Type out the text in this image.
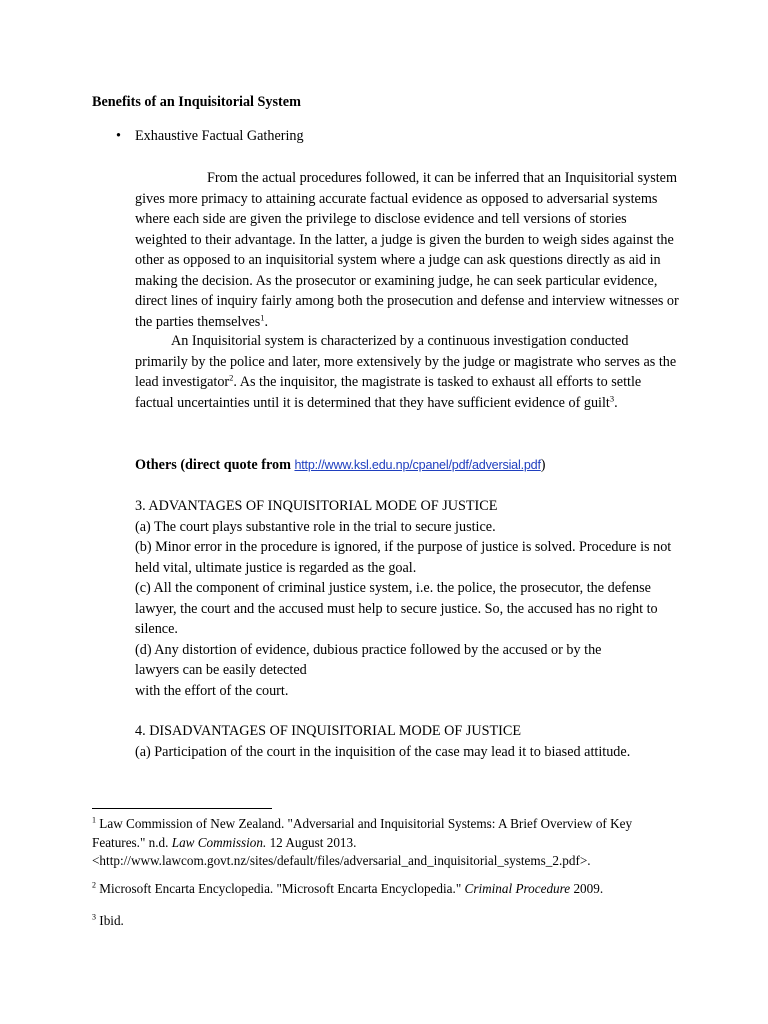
Benefits of an Inquisitorial System

• Exhaustive Factual Gathering

From the actual procedures followed, it can be inferred that an Inquisitorial system gives more primacy to attaining accurate factual evidence as opposed to adversarial systems where each side are given the privilege to disclose evidence and tell versions of stories weighted to their advantage. In the latter, a judge is given the burden to weigh sides against the other as opposed to an inquisitorial system where a judge can ask questions directly as aid in making the decision. As the prosecutor or examining judge, he can seek particular evidence, direct lines of inquiry fairly among both the prosecution and defense and interview witnesses or the parties themselves$^1$.

An Inquisitorial system is characterized by a continuous investigation conducted primarily by the police and later, more extensively by the judge or magistrate who serves as the lead investigator$^2$. As the inquisitor, the magistrate is tasked to exhaust all efforts to settle factual uncertainties until it is determined that they have sufficient evidence of guilt$^3$.

Others (direct quote from http://www.ksl.edu.np/cpanel/pdf/adversial.pdf)

3. ADVANTAGES OF INQUISITORIAL MODE OF JUSTICE
(a) The court plays substantive role in the trial to secure justice.
(b) Minor error in the procedure is ignored, if the purpose of justice is solved. Procedure is not held vital, ultimate justice is regarded as the goal.
(c) All the component of criminal justice system, i.e. the police, the prosecutor, the defense lawyer, the court and the accused must help to secure justice. So, the accused has no right to silence.
(d) Any distortion of evidence, dubious practice followed by the accused or by the
lawyers can be easily detected
with the effort of the court.
4. DISADVANTAGES OF INQUISITORIAL MODE OF JUSTICE
(a) Participation of the court in the inquisition of the case may lead it to biased attitude.

$^1$ Law Commission of New Zealand. "Adversarial and Inquisitorial Systems: A Brief Overview of Key Features." n.d. Law Commission. 12 August 2013. <http://www.lawcom.govt.nz/sites/default/files/adversarial_and_inquisitorial_systems_2.pdf>.

$^2$ Microsoft Encarta Encyclopedia. "Microsoft Encarta Encyclopedia." Criminal Procedure 2009.

$^3$ Ibid.
